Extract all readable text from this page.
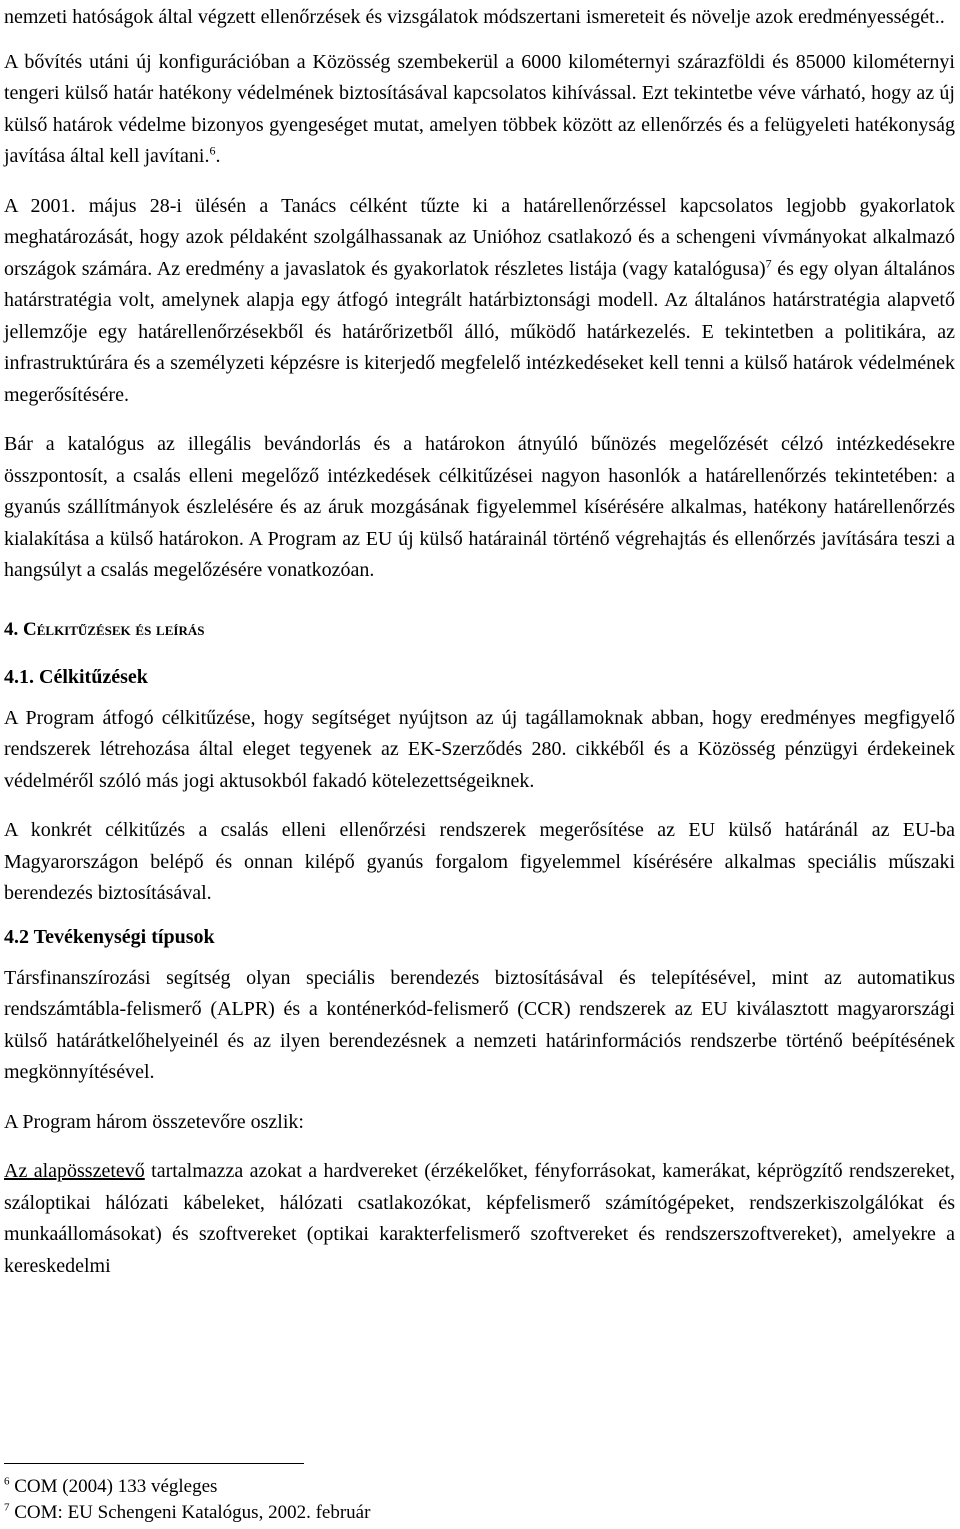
nemzeti hatóságok által végzett ellenőrzések és vizsgálatok módszertani ismereteit és növelje azok eredményességét..

A bővítés utáni új konfigurációban a Közösség szembekerül a 6000 kilométernyi szárazföldi és 85000 kilométernyi tengeri külső határ hatékony védelmének biztosításával kapcsolatos kihívással. Ezt tekintetbe véve várható, hogy az új külső határok védelme bizonyos gyengeséget mutat, amelyen többek között az ellenőrzés és a felügyeleti hatékonyság javítása által kell javítani.$^6$.

A 2001. május 28-i ülésén a Tanács célként tűzte ki a határellenőrzéssel kapcsolatos legjobb gyakorlatok meghatározását, hogy azok példaként szolgálhassanak az Unióhoz csatlakozó és a schengeni vívmányokat alkalmazó országok számára. Az eredmény a javaslatok és gyakorlatok részletes listája (vagy katalógusa)$^7$ és egy olyan általános határstratégia volt, amelynek alapja egy átfogó integrált határbiztonsági modell. Az általános határstratégia alapvető jellemzője egy határellenőrzésekből és határőrizetből álló, működő határkezelés. E tekintetben a politikára, az infrastruktúrára és a személyzeti képzésre is kiterjedő megfelelő intézkedéseket kell tenni a külső határok védelmének megerősítésére.

Bár a katalógus az illegális bevándorlás és a határokon átnyúló bűnözés megelőzését célzó intézkedésekre összpontosít, a csalás elleni megelőző intézkedések célkitűzései nagyon hasonlók a határellenőrzés tekintetében: a gyanús szállítmányok észlelésére és az áruk mozgásának figyelemmel kísérésére alkalmas, hatékony határellenőrzés kialakítása a külső határokon. A Program az EU új külső határainál történő végrehajtás és ellenőrzés javítására teszi a hangsúlyt a csalás megelőzésére vonatkozóan.

4. Célkitűzések és leírás
4.1. Célkitűzések

A Program átfogó célkitűzése, hogy segítséget nyújtson az új tagállamoknak abban, hogy eredményes megfigyelő rendszerek létrehozása által eleget tegyenek az EK-Szerződés 280. cikkéből és a Közösség pénzügyi érdekeinek védelméről szóló más jogi aktusokból fakadó kötelezettségeiknek.

A konkrét célkitűzés a csalás elleni ellenőrzési rendszerek megerősítése az EU külső határánál az EU-ba Magyarországon belépő és onnan kilépő gyanús forgalom figyelemmel kísérésére alkalmas speciális műszaki berendezés biztosításával.

4.2 Tevékenységi típusok

Társfinanszírozási segítség olyan speciális berendezés biztosításával és telepítésével, mint az automatikus rendszámtábla-felismerő (ALPR) és a konténerkód-felismerő (CCR) rendszerek az EU kiválasztott magyarországi külső határátkelőhelyeinél és az ilyen berendezésnek a nemzeti határinformációs rendszerbe történő beépítésének megkönnyítésével.

A Program három összetevőre oszlik:

Az alapösszetevő tartalmazza azokat a hardvereket (érzékelőket, fényforrásokat, kamerákat, képrögzítő rendszereket, száloptikai hálózati kábeleket, hálózati csatlakozókat, képfelismerő számítógépeket, rendszerkiszolgálókat és munkaállomásokat) és szoftvereket (optikai karakterfelismerő szoftvereket és rendszerszoftvereket), amelyekre a kereskedelmi

$^6$ COM (2004) 133 végleges

$^7$ COM: EU Schengeni Katalógus, 2002. február
